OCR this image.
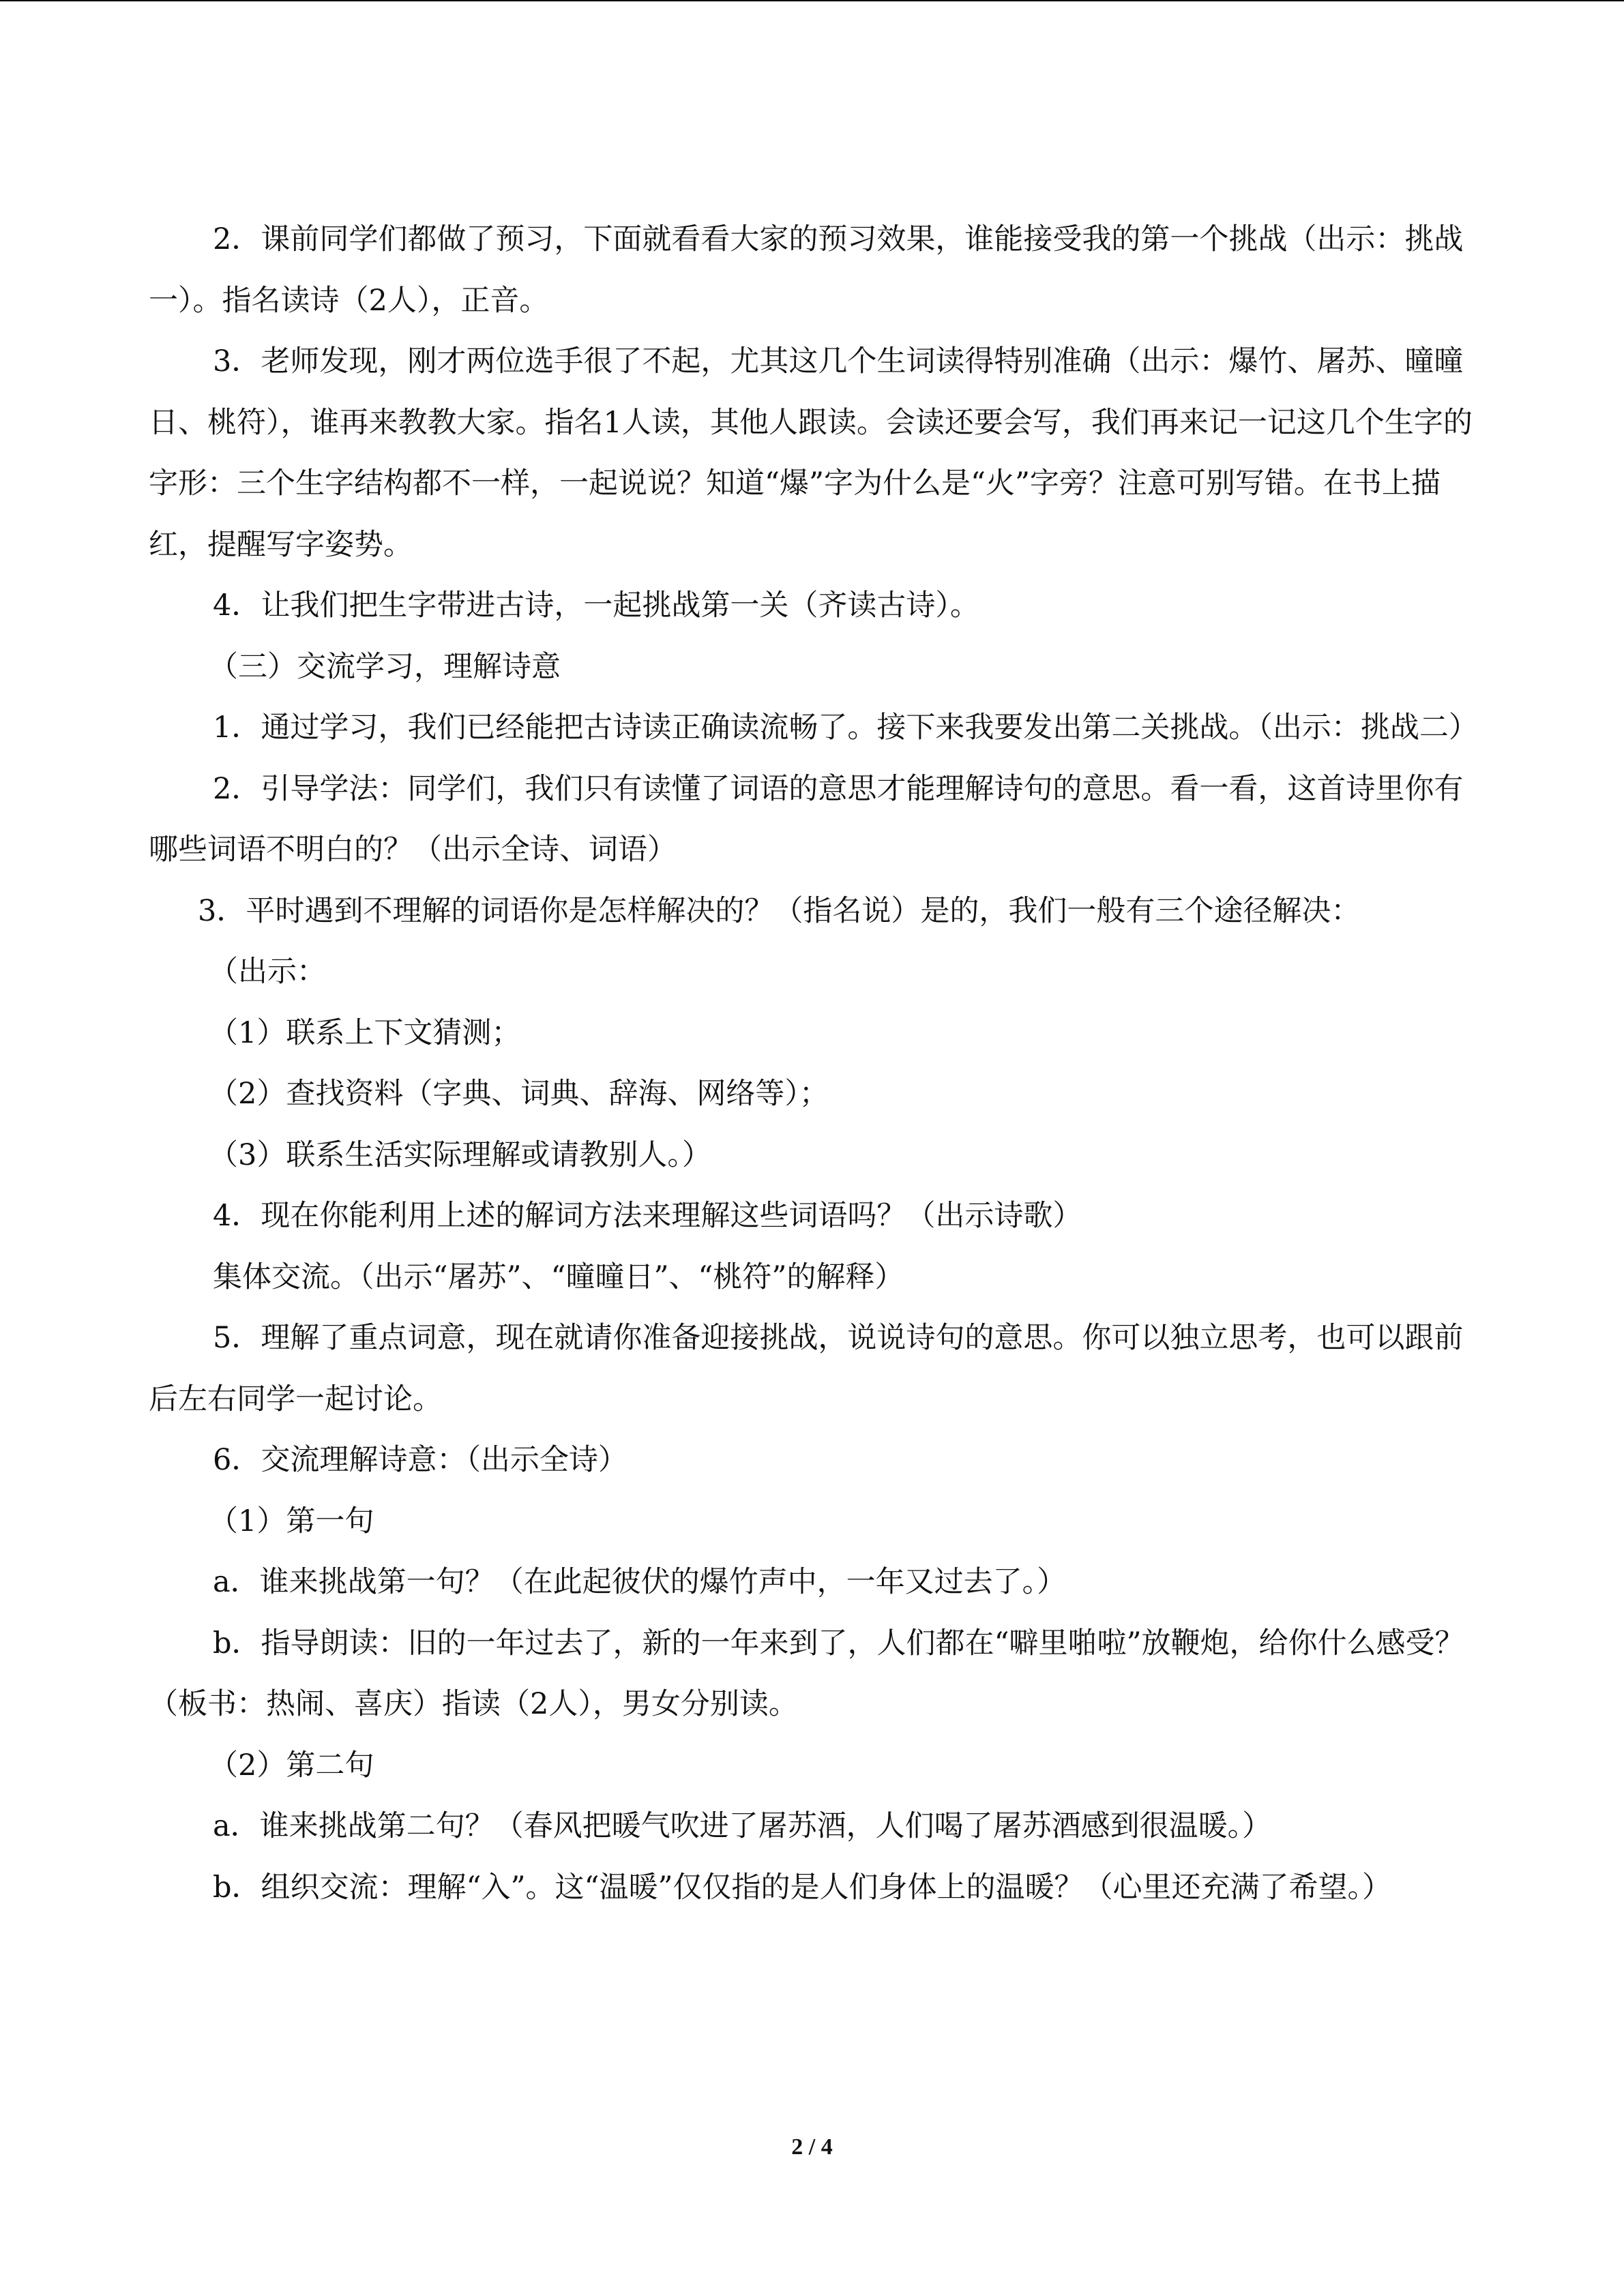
2．课前同学们都做了预习，下面就看看大家的预习效果，谁能接受我的第一个挑战（出示：挑战一）。指名读诗（2人），正音。

3．老师发现，刚才两位选手很了不起，尤其这几个生词读得特别准确（出示：爆竹、屠苏、曈曈日、桃符），谁再来教教大家。指名1人读，其他人跟读。会读还要会写，我们再来记一记这几个生字的字形：三个生字结构都不一样，一起说说？知道“爆”字为什么是“火”字旁？注意可别写错。在书上描红，提醒写字姿势。

4．让我们把生字带进古诗，一起挑战第一关（齐读古诗）。

（三）交流学习，理解诗意

1．通过学习，我们已经能把古诗读正确读流畅了。接下来我要发出第二关挑战。（出示：挑战二）

2．引导学法：同学们，我们只有读懂了词语的意思才能理解诗句的意思。看一看，这首诗里你有哪些词语不明白的？（出示全诗、词语）

3．平时遇到不理解的词语你是怎样解决的？（指名说）是的，我们一般有三个途径解决：

（出示：

（1）联系上下文猜测；

（2）查找资料（字典、词典、辞海、网络等）；

（3）联系生活实际理解或请教别人。）

4．现在你能利用上述的解词方法来理解这些词语吗？（出示诗歌）

集体交流。（出示“屠苏”、“曈曈日”、“桃符”的解释）

5．理解了重点词意，现在就请你准备迎接挑战，说说诗句的意思。你可以独立思考，也可以跟前后左右同学一起讨论。

6．交流理解诗意：（出示全诗）

（1）第一句

a．谁来挑战第一句？（在此起彼伏的爆竹声中，一年又过去了。）

b．指导朗读：旧的一年过去了，新的一年来到了，人们都在“噼里啪啦”放鞭炮，给你什么感受？（板书：热闹、喜庆）指读（2人），男女分别读。

（2）第二句

a．谁来挑战第二句？（春风把暖气吹进了屠苏酒，人们喝了屠苏酒感到很温暖。）

b．组织交流：理解“入”。这“温暖”仅仅指的是人们身体上的温暖？（心里还充满了希望。）

2 / 4
